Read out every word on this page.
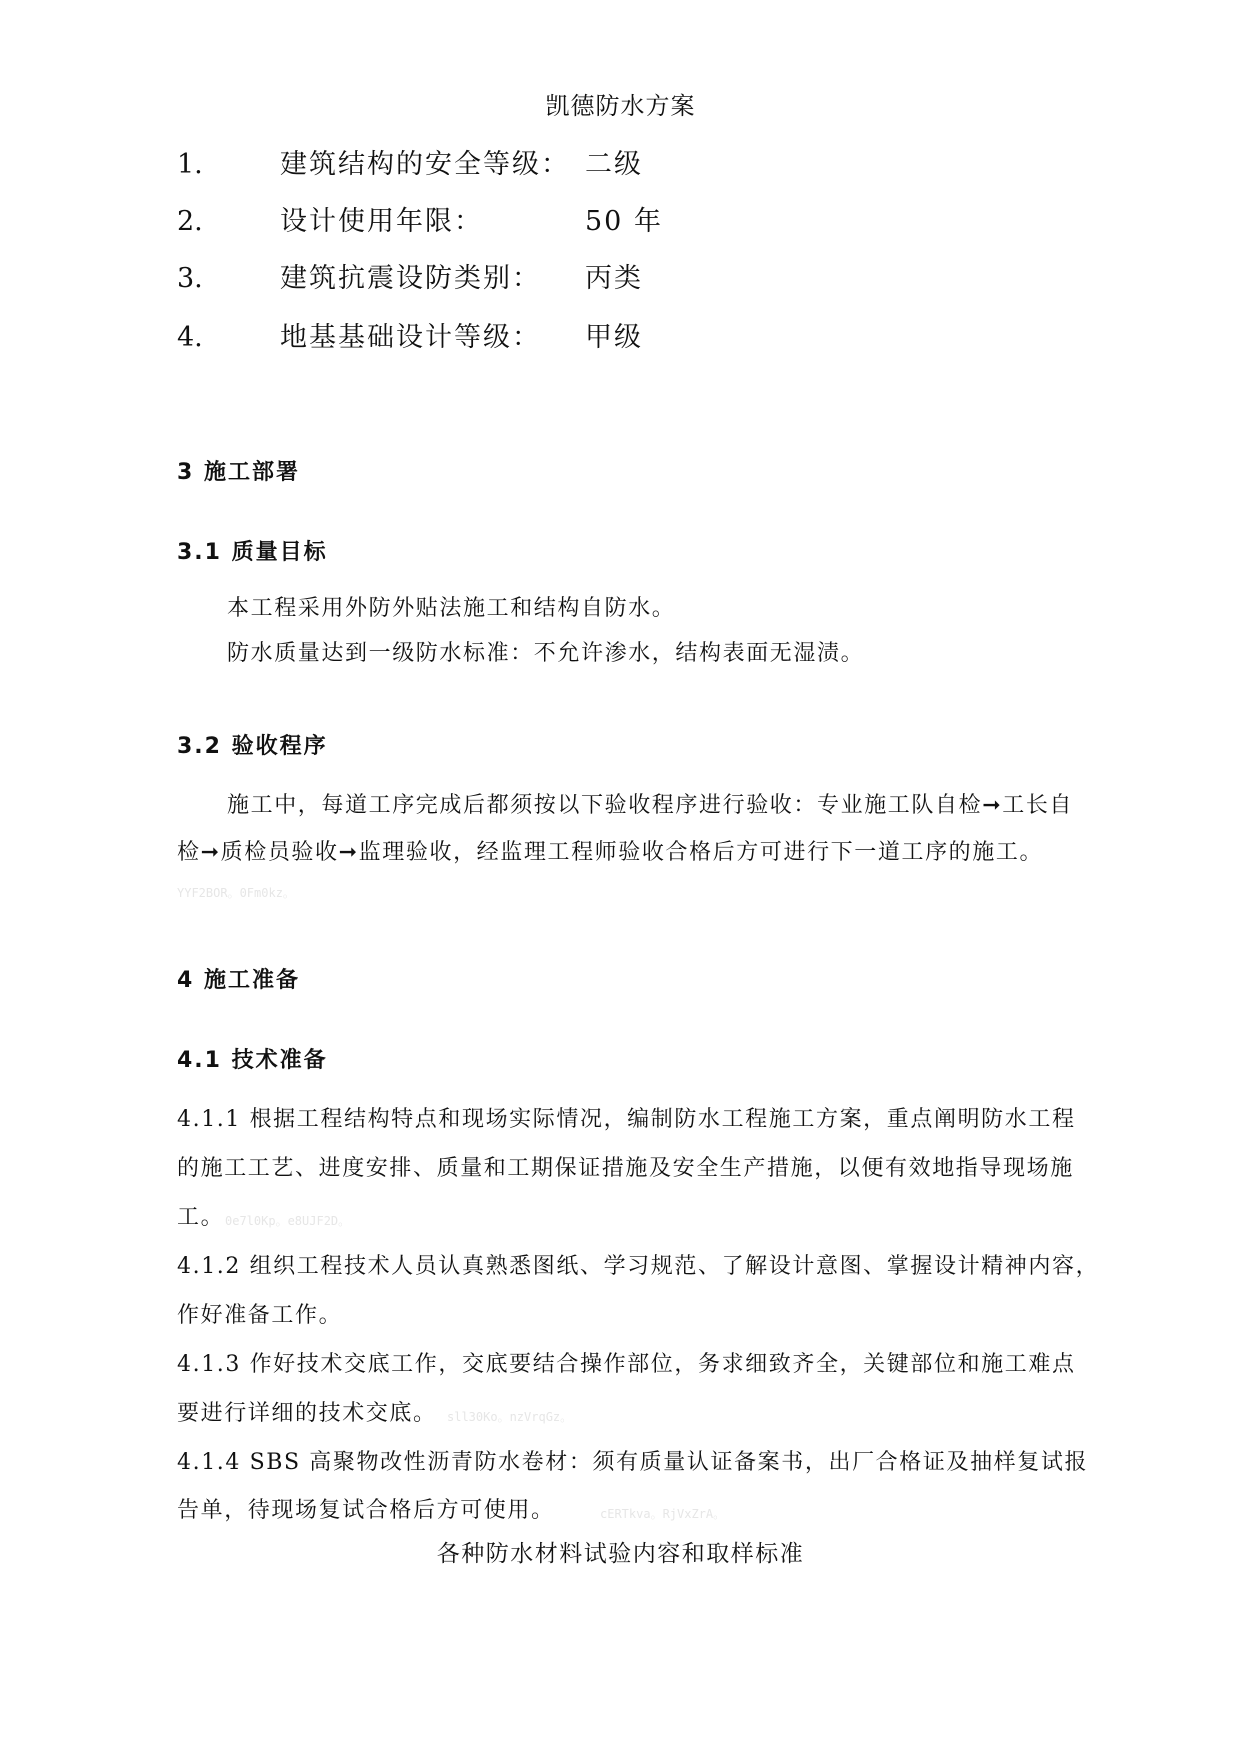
凯德防水方案
1.	建筑结构的安全等级： 二级
2.	设计使用年限：	50 年
3.	建筑抗震设防类别： 丙类
4.	地基基础设计等级： 甲级
3 施工部署
3.1 质量目标
本工程采用外防外贴法施工和结构自防水。
防水质量达到一级防水标准：不允许渗水，结构表面无湿渍。
3.2 验收程序
施工中，每道工序完成后都须按以下验收程序进行验收：专业施工队自检➞工长自
检➞质检员验收➞监理验收，经监理工程师验收合格后方可进行下一道工序的施工。
YYF2BOR。0Fm0kz。
4 施工准备
4.1 技术准备
4.1.1 根据工程结构特点和现场实际情况，编制防水工程施工方案，重点阐明防水工程
的施工工艺、进度安排、质量和工期保证措施及安全生产措施，以便有效地指导现场施
工。 0e7l0Kp。e8UJF2D。
4.1.2 组织工程技术人员认真熟悉图纸、学习规范、了解设计意图、掌握设计精神内容，
作好准备工作。
4.1.3 作好技术交底工作，交底要结合操作部位，务求细致齐全，关键部位和施工难点
要进行详细的技术交底。 sll30Ko。nzVrqGz。
4.1.4 SBS 高聚物改性沥青防水卷材：须有质量认证备案书，出厂合格证及抽样复试报
告单，待现场复试合格后方可使用。	cERTkva。RjVxZrA。
各种防水材料试验内容和取样标准
